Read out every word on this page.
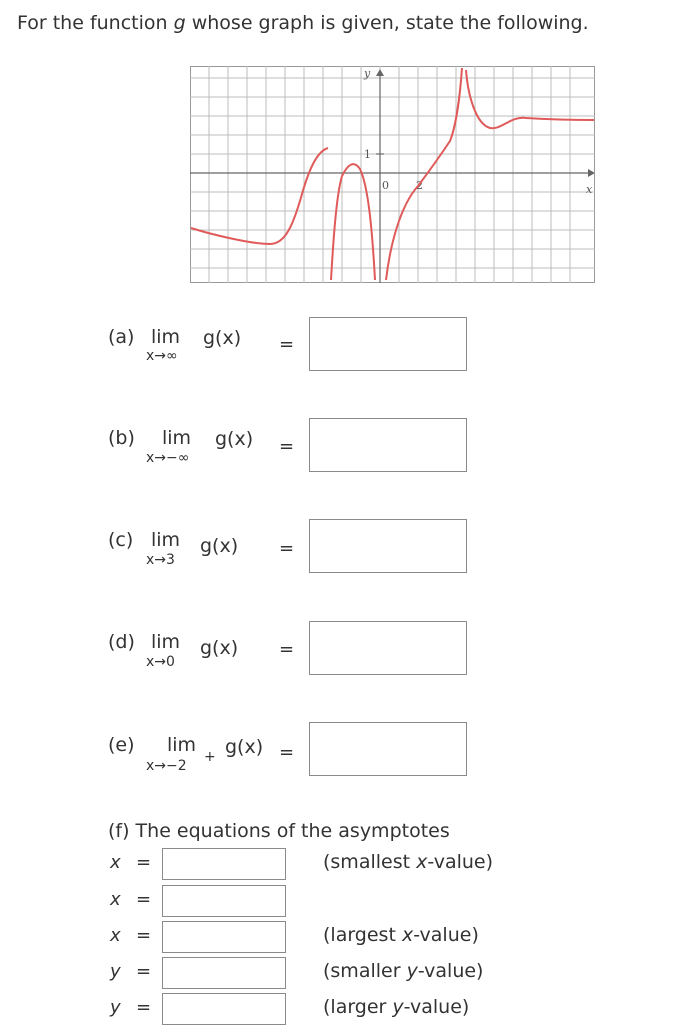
For the function g whose graph is given, state the following.
y
x
1
0 2
(a) lim g(x)
x→∞
=
(b) lim g(x)
x→−∞
=
(c) lim g(x)
x→3
=
(d) lim g(x)
x→0
=
(e) lim g(x)
x→−2
+	=
(f) The equations of the asymptotes
x =	(smallest x-value)
x =
x =	(largest x-value)
y =	(smaller y-value)
y =	(larger y-value)
